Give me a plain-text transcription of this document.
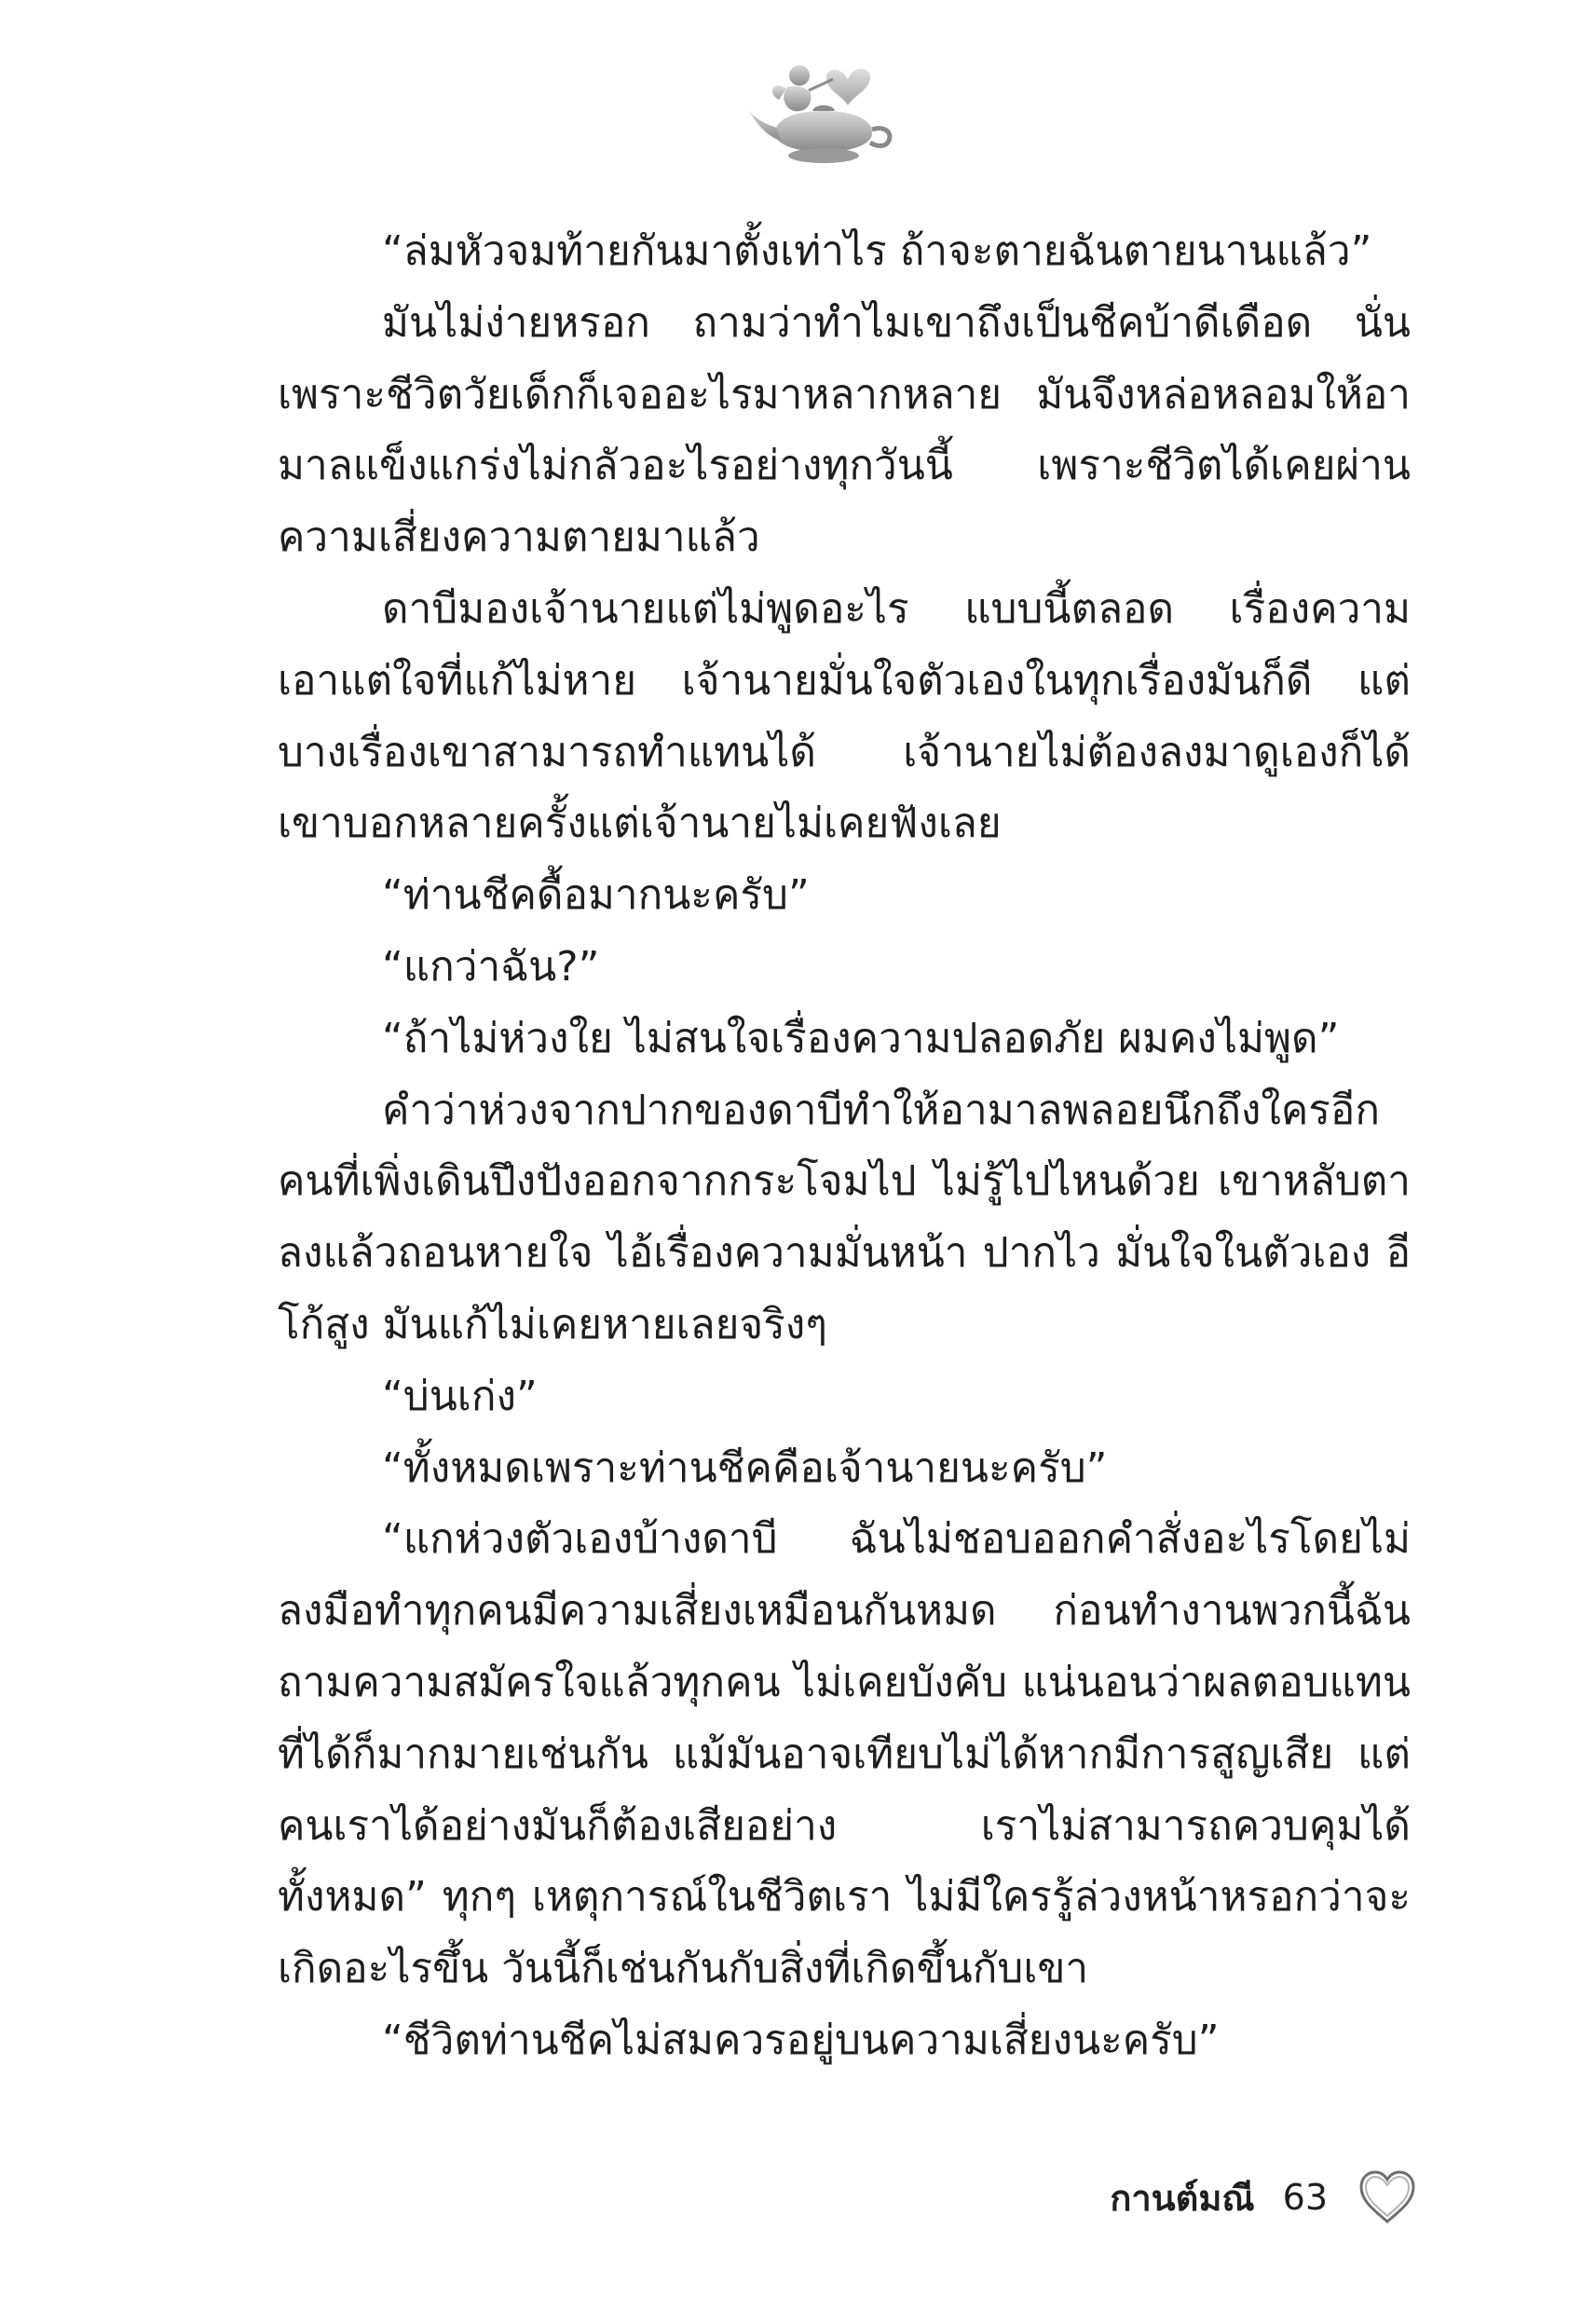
“ล่มหัวจมท้ายกันมาตั้งเท่าไร ถ้าจะตายฉันตายนานแล้ว”

มันไม่ง่ายหรอก ถามว่าทำไมเขาถึงเป็นชีคบ้าดีเดือด นั่นเพราะชีวิตวัยเด็กก็เจออะไรมาหลากหลาย มันจึงหล่อหลอมให้อามาลแข็งแกร่งไม่กลัวอะไรอย่างทุกวันนี้ เพราะชีวิตได้เคยผ่านความเสี่ยงความตายมาแล้ว

ดาบีมองเจ้านายแต่ไม่พูดอะไร แบบนี้ตลอด เรื่องความเอาแต่ใจที่แก้ไม่หาย เจ้านายมั่นใจตัวเองในทุกเรื่องมันก็ดี แต่บางเรื่องเขาสามารถทำแทนได้ เจ้านายไม่ต้องลงมาดูเองก็ได้ เขาบอกหลายครั้งแต่เจ้านายไม่เคยฟังเลย

“ท่านชีคดื้อมากนะครับ”

“แกว่าฉัน?”

“ถ้าไม่ห่วงใย ไม่สนใจเรื่องความปลอดภัย ผมคงไม่พูด”

คำว่าห่วงจากปากของดาบีทำให้อามาลพลอยนึกถึงใครอีกคนที่เพิ่งเดินปึงปังออกจากกระโจมไป ไม่รู้ไปไหนด้วย เขาหลับตาลงแล้วถอนหายใจ ไอ้เรื่องความมั่นหน้า ปากไว มั่นใจในตัวเอง อีโก้สูง มันแก้ไม่เคยหายเลยจริงๆ

“บ่นเก่ง”

“ทั้งหมดเพราะท่านชีคคือเจ้านายนะครับ”

“แกห่วงตัวเองบ้างดาบี ฉันไม่ชอบออกคำสั่งอะไรโดยไม่ลงมือทำทุกคนมีความเสี่ยงเหมือนกันหมด ก่อนทำงานพวกนี้ฉันถามความสมัครใจแล้วทุกคน ไม่เคยบังคับ แน่นอนว่าผลตอบแทนที่ได้ก็มากมายเช่นกัน แม้มันอาจเทียบไม่ได้หากมีการสูญเสีย แต่คนเราได้อย่างมันก็ต้องเสียอย่าง เราไม่สามารถควบคุมได้ทั้งหมด” ทุกๆ เหตุการณ์ในชีวิตเรา ไม่มีใครรู้ล่วงหน้าหรอกว่าจะเกิดอะไรขึ้น วันนี้ก็เช่นกันกับสิ่งที่เกิดขึ้นกับเขา

“ชีวิตท่านชีคไม่สมควรอยู่บนความเสี่ยงนะครับ”

กานต์มณี 63
